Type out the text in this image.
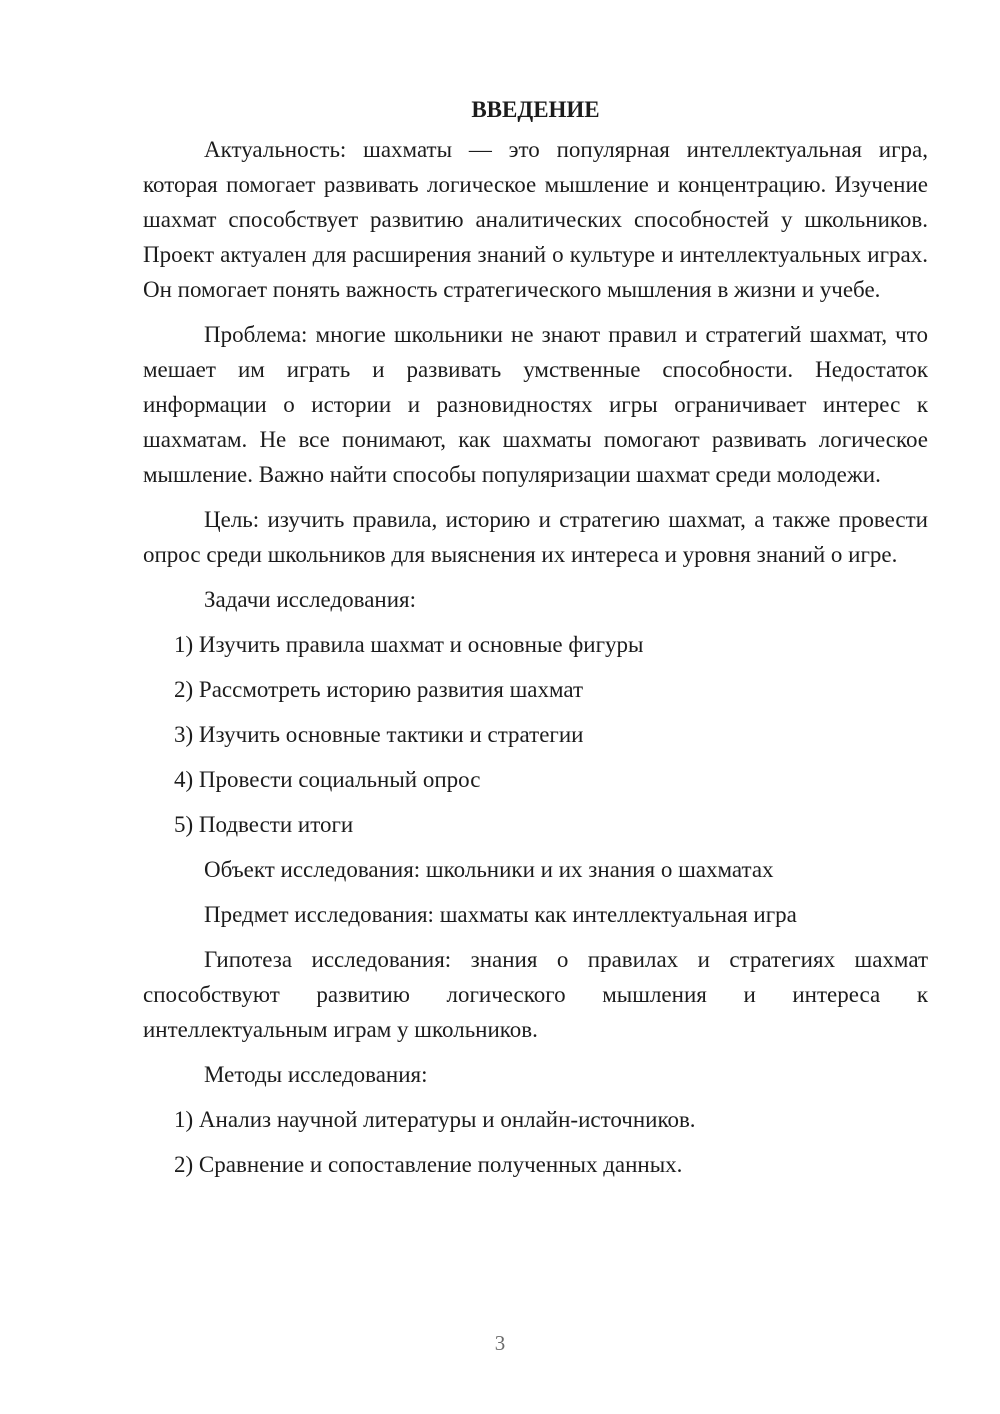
ВВЕДЕНИЕ

Актуальность: шахматы — это популярная интеллектуальная игра, которая помогает развивать логическое мышление и концентрацию. Изучение шахмат способствует развитию аналитических способностей у школьников. Проект актуален для расширения знаний о культуре и интеллектуальных играх. Он помогает понять важность стратегического мышления в жизни и учебе.

Проблема: многие школьники не знают правил и стратегий шахмат, что мешает им играть и развивать умственные способности. Недостаток информации о истории и разновидностях игры ограничивает интерес к шахматам. Не все понимают, как шахматы помогают развивать логическое мышление. Важно найти способы популяризации шахмат среди молодежи.

Цель: изучить правила, историю и стратегию шахмат, а также провести опрос среди школьников для выяснения их интереса и уровня знаний о игре.

Задачи исследования:
1) Изучить правила шахмат и основные фигуры
2) Рассмотреть историю развития шахмат
3) Изучить основные тактики и стратегии
4) Провести социальный опрос
5) Подвести итоги
Объект исследования: школьники и их знания о шахматах
Предмет исследования: шахматы как интеллектуальная игра

Гипотеза исследования: знания о правилах и стратегиях шахмат способствуют развитию логического мышления и интереса к

интеллектуальным играм у школьников.
Методы исследования:
1) Анализ научной литературы и онлайн-источников.
2) Сравнение и сопоставление полученных данных.
3
